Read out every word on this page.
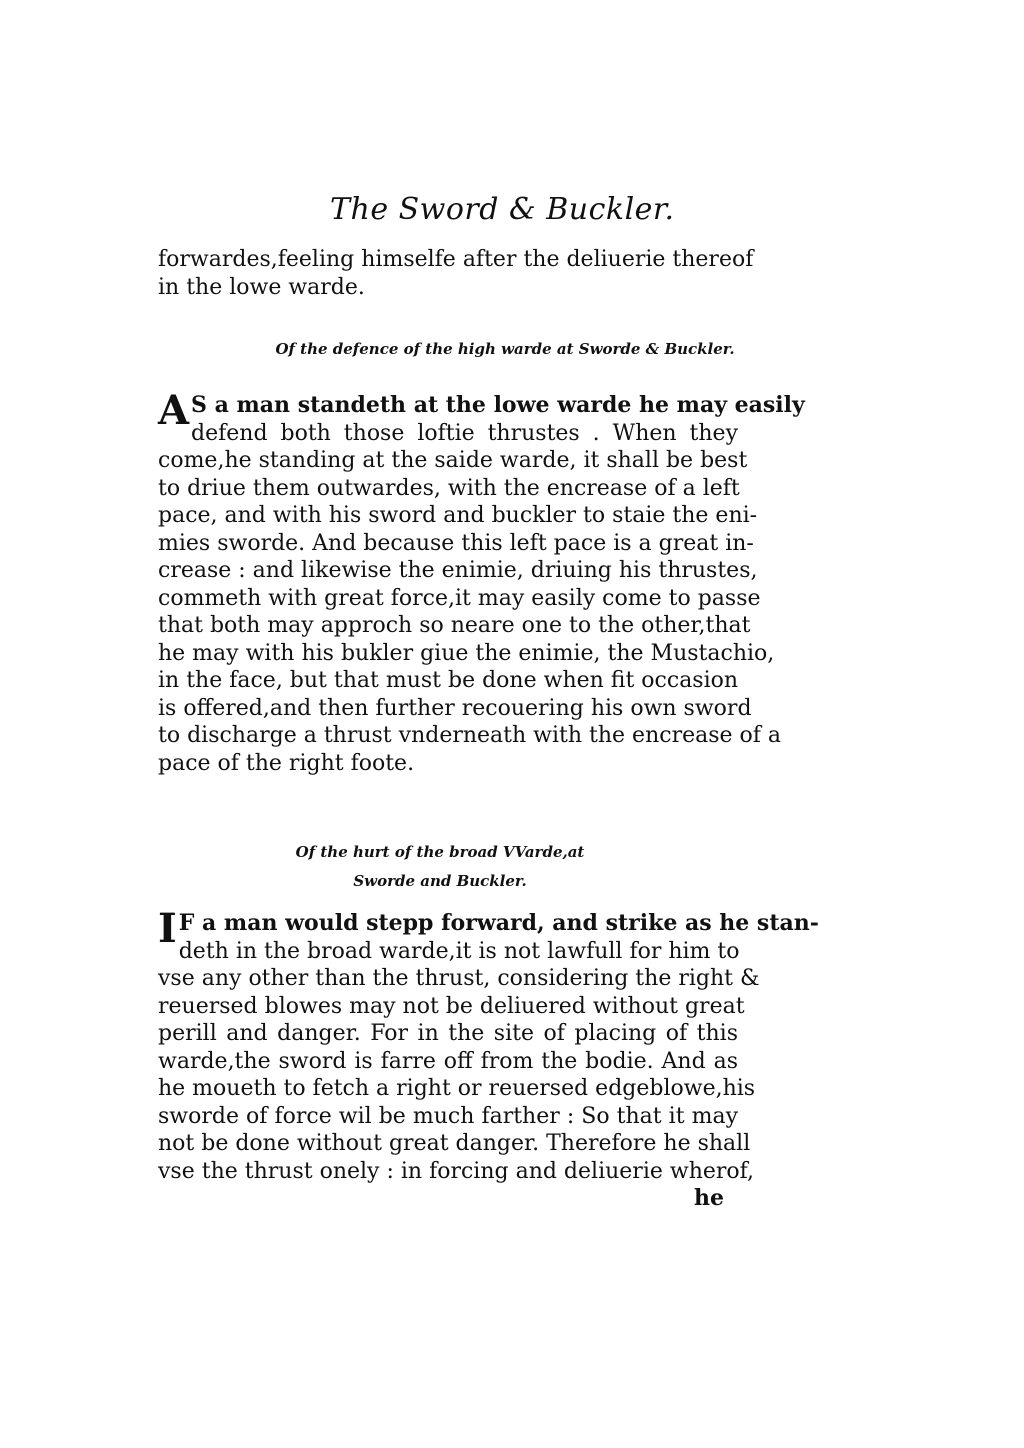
The Sword & Buckler.
forwardes,feeling himselfe after the deliuerie thereof
in the lowe warde.
Of the defence of the high warde at Sworde & Buckler.
A S a man standeth at the lowe warde he may easily
defend both those loftie thrustes . When they
come,he standing at the saide warde, it shall be best
to driue them outwardes, with the encrease of a left
pace, and with his sword and buckler to staie the eni-
mies sworde. And because this left pace is a great in-
crease : and likewise the enimie, driuing his thrustes,
commeth with great force,it may easily come to passe
that both may approch so neare one to the other,that
he may with his bukler giue the enimie, the Mustachio,
in the face, but that must be done when fit occasion
is offered,and then further recouering his own sword
to discharge a thrust vnderneath with the encrease of a
pace of the right foote.
Of the hurt of the broad VVarde,at
Sworde and Buckler.
I F a man would stepp forward, and strike as he stan-
deth in the broad warde,it is not lawfull for him to
vse any other than the thrust, considering the right &
reuersed blowes may not be deliuered without great
perill and danger. For in the site of placing of this
warde,the sword is farre off from the bodie. And as
he moueth to fetch a right or reuersed edgeblowe,his
sworde of force wil be much farther : So that it may
not be done without great danger. Therefore he shall
vse the thrust onely : in forcing and deliuerie wherof,
he
